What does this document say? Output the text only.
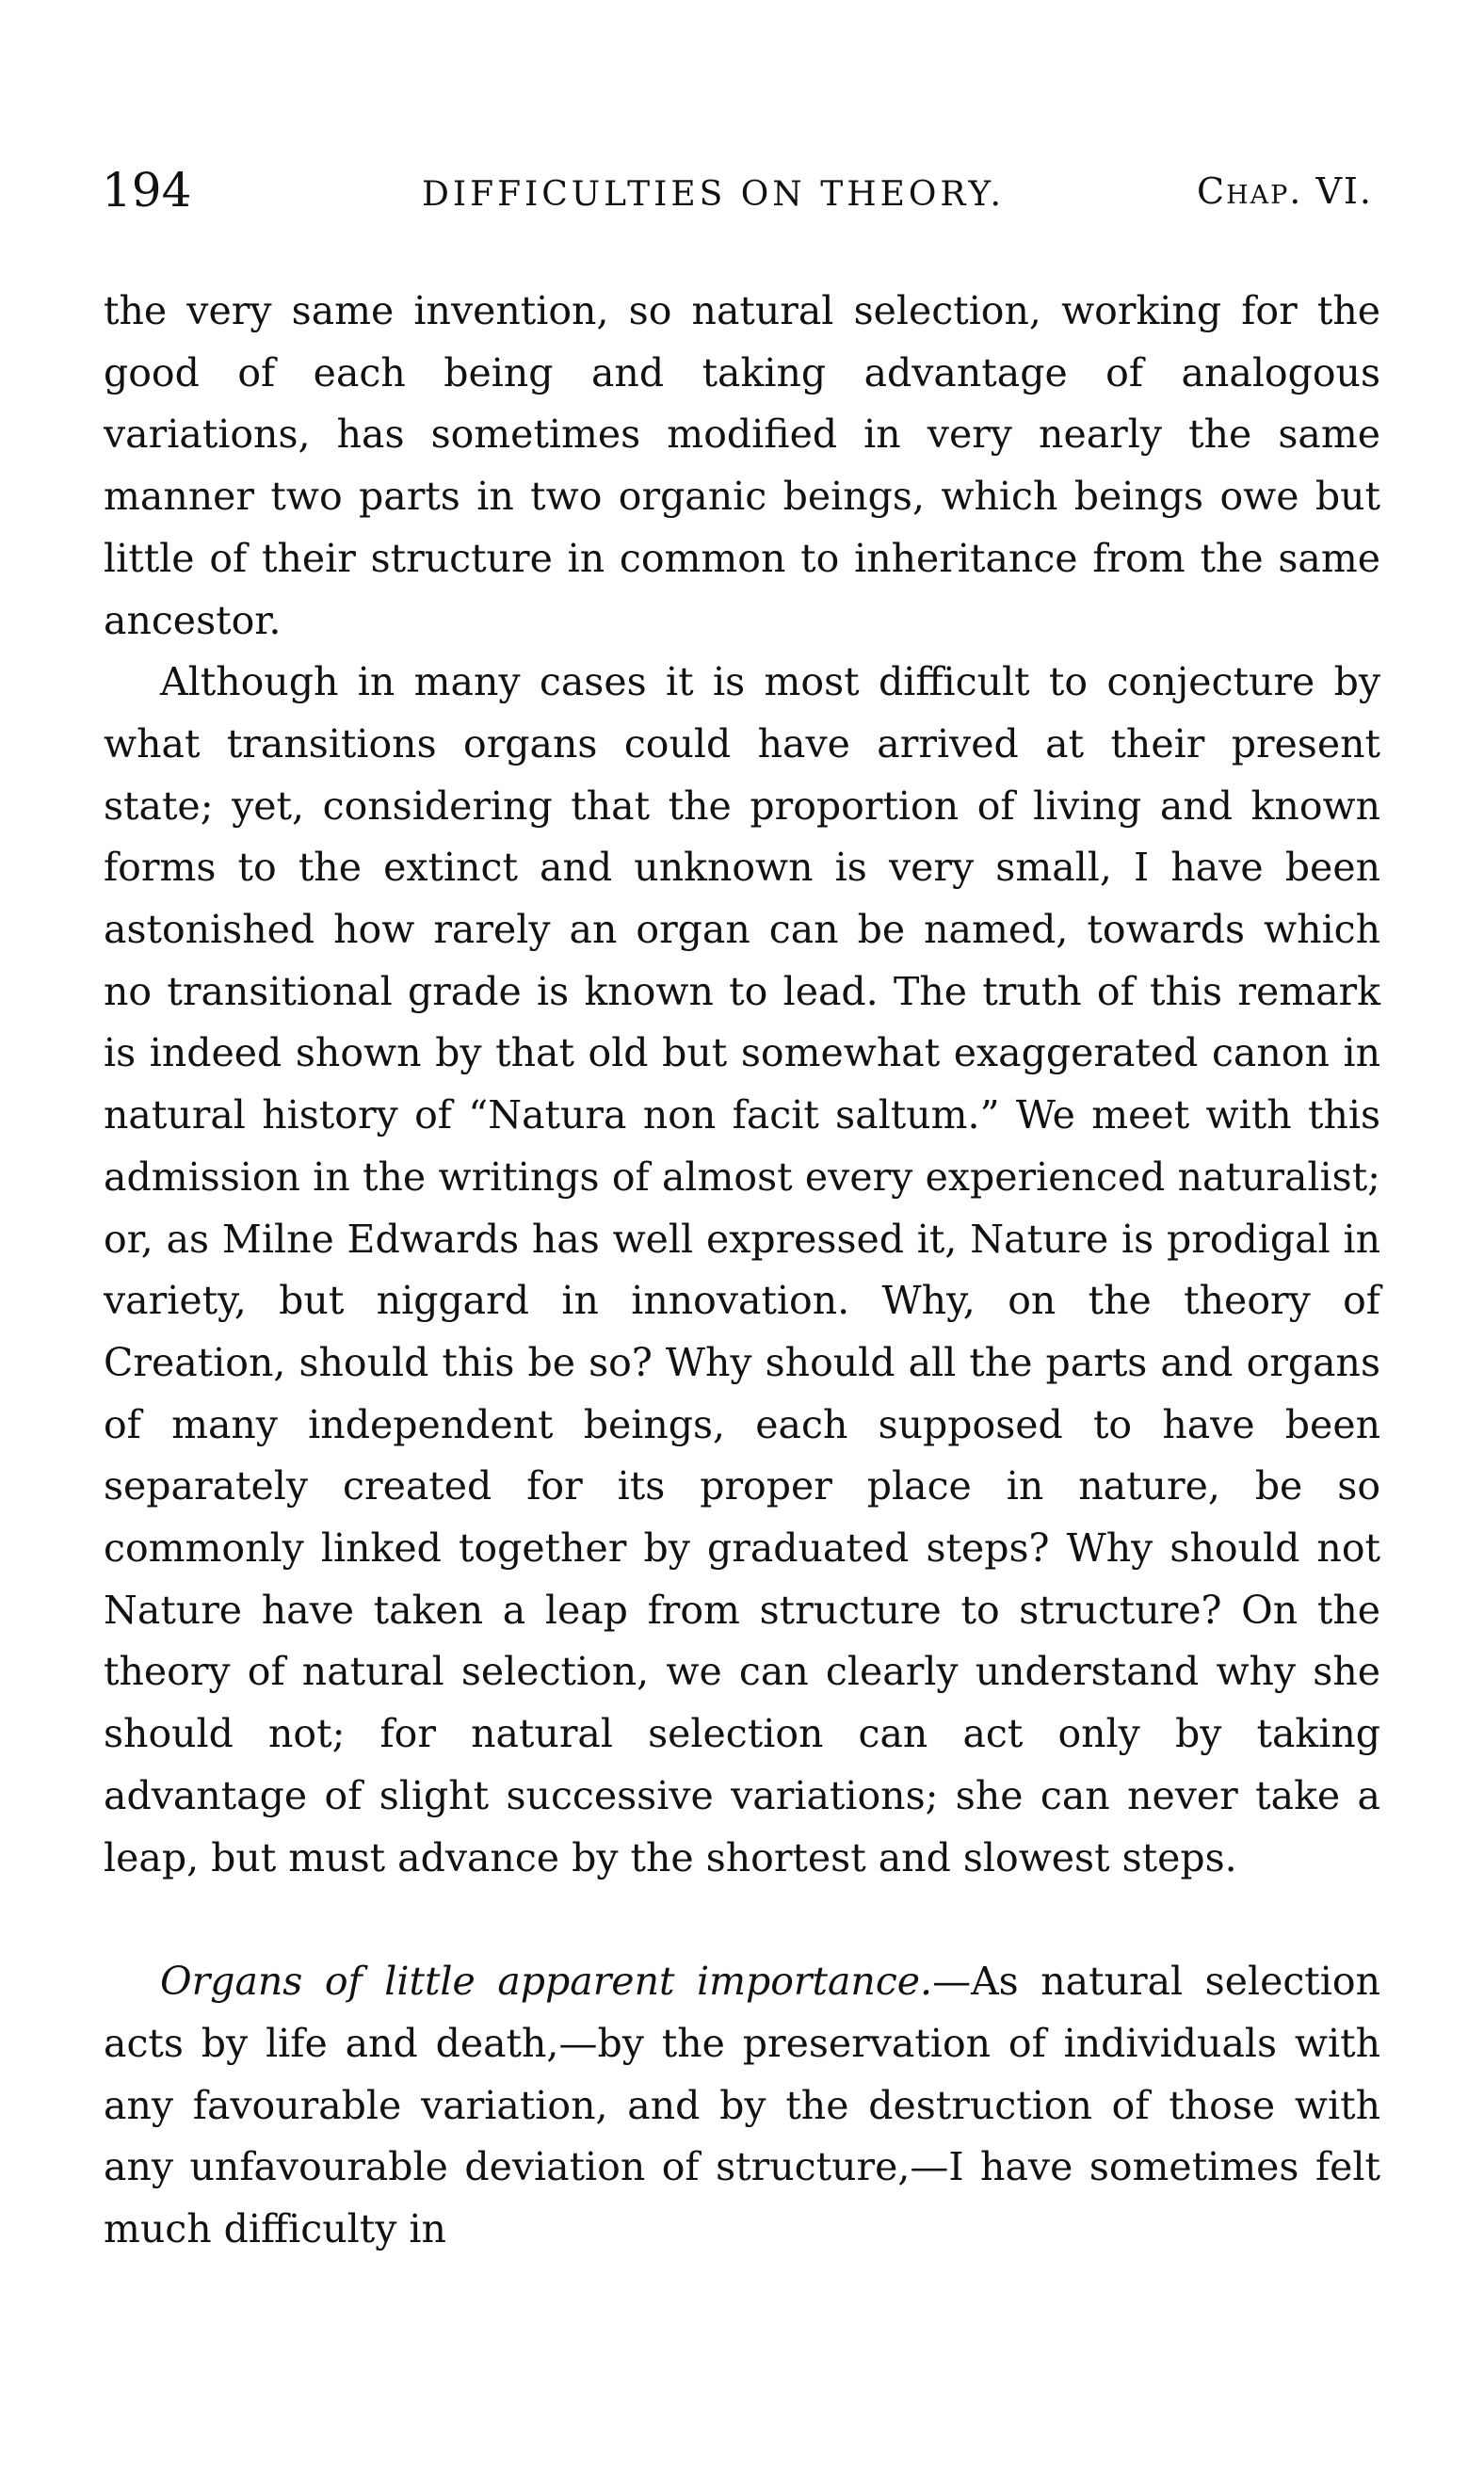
194	DIFFICULTIES ON THEORY.	Chap. VI.

the very same invention, so natural selection, working for the good of each being and taking advantage of analogous variations, has sometimes modified in very nearly the same manner two parts in two organic beings, which beings owe but little of their structure in common to inheritance from the same ancestor.

Although in many cases it is most difficult to conjecture by what transitions organs could have arrived at their present state; yet, considering that the proportion of living and known forms to the extinct and unknown is very small, I have been astonished how rarely an organ can be named, towards which no transitional grade is known to lead. The truth of this remark is indeed shown by that old but somewhat exaggerated canon in natural history of “Natura non facit saltum.” We meet with this admission in the writings of almost every experienced naturalist; or, as Milne Edwards has well expressed it, Nature is prodigal in variety, but niggard in innovation. Why, on the theory of Creation, should this be so? Why should all the parts and organs of many independent beings, each supposed to have been separately created for its proper place in nature, be so commonly linked together by graduated steps? Why should not Nature have taken a leap from structure to structure? On the theory of natural selection, we can clearly understand why she should not; for natural selection can act only by taking advantage of slight successive variations; she can never take a leap, but must advance by the shortest and slowest steps.

Organs of little apparent importance.—As natural selection acts by life and death,—by the preservation of individuals with any favourable variation, and by the destruction of those with any unfavourable deviation of structure,—I have sometimes felt much difficulty in
